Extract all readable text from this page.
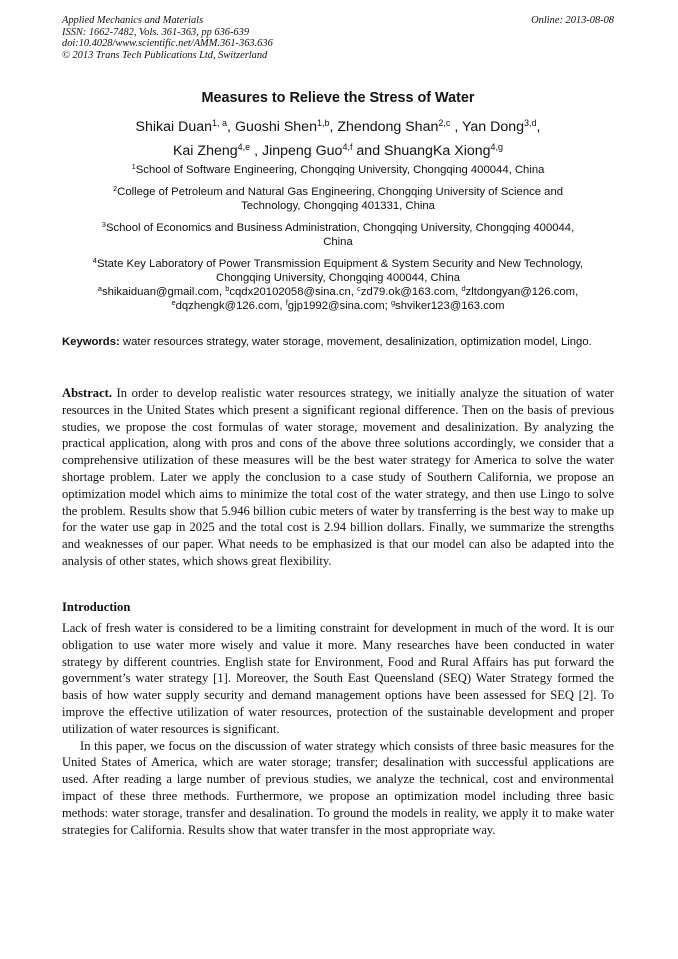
Applied Mechanics and Materials
ISSN: 1662-7482, Vols. 361-363, pp 636-639
doi:10.4028/www.scientific.net/AMM.361-363.636
© 2013 Trans Tech Publications Ltd, Switzerland
Online: 2013-08-08
Measures to Relieve the Stress of Water
Shikai Duan$^{1, a}$, Guoshi Shen$^{1,b}$, Zhendong Shan$^{2,c}$ , Yan Dong$^{3,d}$,
Kai Zheng$^{4,e}$ , Jinpeng Guo$^{4,f}$ and ShuangKa Xiong$^{4,g}$
$^1$School of Software Engineering, Chongqing University, Chongqing 400044, China
$^2$College of Petroleum and Natural Gas Engineering, Chongqing University of Science and
Technology, Chongqing 401331, China
$^3$School of Economics and Business Administration, Chongqing University, Chongqing 400044,
China
$^4$State Key Laboratory of Power Transmission Equipment & System Security and New Technology,
Chongqing University, Chongqing 400044, China
$^a$shikaiduan@gmail.com, $^b$cqdx20102058@sina.cn, $^c$zd79.ok@163.com, $^d$zltdongyan@126.com,
$^e$dqzhengk@126.com, $^f$gjp1992@sina.com; $^g$shviker123@163.com
Keywords: water resources strategy, water storage, movement, desalinization, optimization model, Lingo.
Abstract. In order to develop realistic water resources strategy, we initially analyze the situation of water resources in the United States which present a significant regional difference. Then on the basis of previous studies, we propose the cost formulas of water storage, movement and desalinization. By analyzing the practical application, along with pros and cons of the above three solutions accordingly, we consider that a comprehensive utilization of these measures will be the best water strategy for America to solve the water shortage problem. Later we apply the conclusion to a case study of Southern California, we propose an optimization model which aims to minimize the total cost of the water strategy, and then use Lingo to solve the problem. Results show that 5.946 billion cubic meters of water by transferring is the best way to make up for the water use gap in 2025 and the total cost is 2.94 billion dollars. Finally, we summarize the strengths and weaknesses of our paper. What needs to be emphasized is that our model can also be adapted into the analysis of other states, which shows great flexibility.
Introduction

Lack of fresh water is considered to be a limiting constraint for development in much of the word. It is our obligation to use water more wisely and value it more. Many researches have been conducted in water strategy by different countries. English state for Environment, Food and Rural Affairs has put forward the government’s water strategy [1]. Moreover, the South East Queensland (SEQ) Water Strategy formed the basis of how water supply security and demand management options have been assessed for SEQ [2]. To improve the effective utilization of water resources, protection of the sustainable development and proper utilization of water resources is significant.

In this paper, we focus on the discussion of water strategy which consists of three basic measures for the United States of America, which are water storage; transfer; desalination with successful applications are used. After reading a large number of previous studies, we analyze the technical, cost and environmental impact of these three methods. Furthermore, we propose an optimization model including three basic methods: water storage, transfer and desalination. To ground the models in reality, we apply it to make water strategies for California. Results show that water transfer in the most appropriate way.
